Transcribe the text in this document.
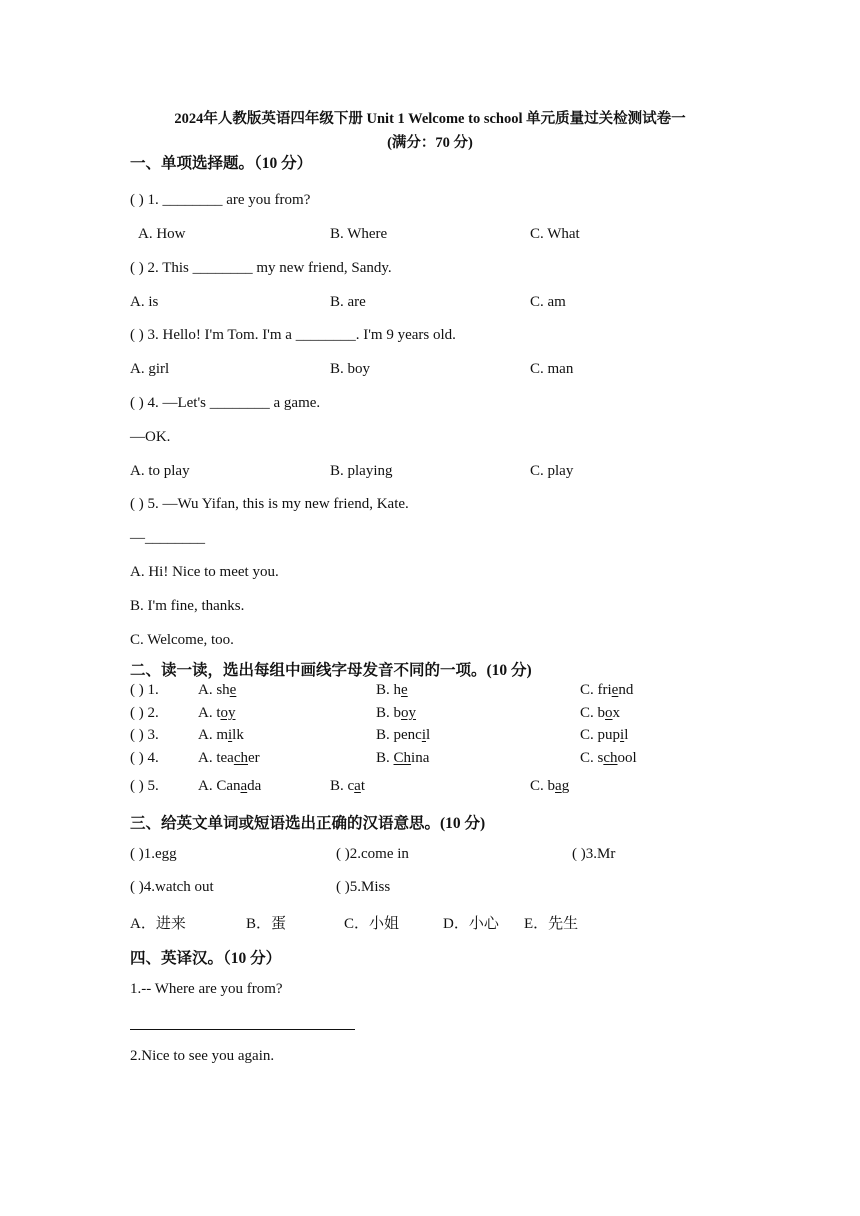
2024年人教版英语四年级下册 Unit 1 Welcome to school 单元质量过关检测试卷一
(满分：70 分)
一、单项选择题。（10 分）
( ) 1. ________ are you from?
A. How	B. Where	C. What
( ) 2. This ________ my new friend, Sandy.
A. is	B. are	C. am
( ) 3. Hello! I'm Tom. I'm a ________. I'm 9 years old.
A. girl	B. boy	C. man
( ) 4. —Let's ________ a game.
—OK.
A. to play	B. playing	C. play
( ) 5. —Wu Yifan, this is my new friend, Kate.
—________
A. Hi! Nice to meet you.
B. I'm fine, thanks.
C. Welcome, too.
二、读一读，选出每组中画线字母发音不同的一项。(10 分)
( ) 1.	A. she	B. he	C. friend
( ) 2.	A. toy	B. boy	C. box
( ) 3.	A. milk	B. pencil	C. pupil
( ) 4.	A. teacher	B. China	C. school
( ) 5.	A. Canada	B. cat	C. bag
三、给英文单词或短语选出正确的汉语意思。(10 分)
( )1.egg	( )2.come in	( )3.Mr
( )4.watch out	( )5.Miss
A．进来	B．蛋	C．小姐	D．小心 E．先生
四、英译汉。（10 分）
1.-- Where are you from?
2.Nice to see you again.
